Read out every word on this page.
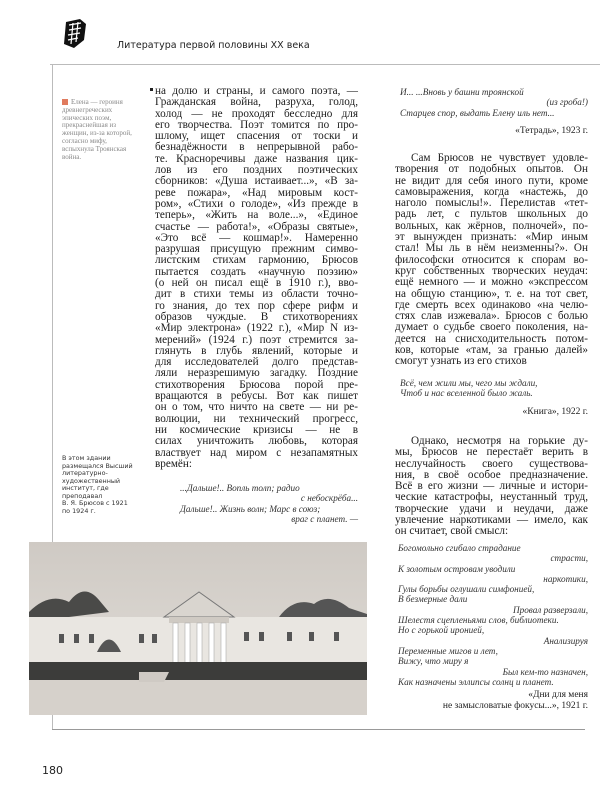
Литература первой половины XX века
Елена — героиня древнегреческих эпических поэм, прекраснейшая из женщин, из-за которой, согласно мифу, вспыхнула Троянская война.
на долю и страны, и самого поэта, —
Гражданская война, разруха, голод,
холод — не проходят бесследно для
его творчества. Поэт томится по про-
шлому, ищет спасения от тоски и
безнадёжности в непрерывной рабо-
те. Красноречивы даже названия цик-
лов из его поздних поэтических
сборников: «Душа истаивает...», «В за-
реве пожара», «Над мировым кост-
ром», «Стихи о голоде», «Из прежде в
теперь», «Жить на воле...», «Единое
счастье — работа!», «Образы святые»,
«Это всё — кошмар!». Намеренно
разрушая присущую прежним симво-
листским стихам гармонию, Брюсов
пытается создать «научную поэзию»
(о ней он писал ещё в 1910 г.), вво-
дит в стихи темы из области точно-
го знания, до тех пор сфере рифм и
образов чуждые. В стихотворениях
«Мир электрона» (1922 г.), «Мир N из-
мерений» (1924 г.) поэт стремится за-
глянуть в глубь явлений, которые и
для исследователей долго представ-
ляли неразрешимую загадку. Поздние
стихотворения Брюсова порой пре-
вращаются в ребусы. Вот как пишет
он о том, что ничто на свете — ни ре-
волюции, ни технический прогресс,
ни космические кризисы — не в
силах уничтожить любовь, которая
властвует над миром с незапамятных
времён:
...Дальше!.. Вопль толп; радио
с небоскрёба...
Дальше!.. Жизнь волн; Марс в союз;
враг с планет. —
В этом здании
размещался Высший
литературно-
художественный
институт, где
преподавал
В. Я. Брюсов с 1921
по 1924 г.
И... ...Вновь у башни троянской
(из гроба!)
Старцев спор, выдать Елену иль нет...
«Тетрадь», 1923 г.
Сам Брюсов не чувствует удовле-
творения от подобных опытов. Он
не видит для себя иного пути, кроме
самовыражения, когда «настежь, до
наголо помыслы!». Перелистав «тет-
радь лет, с пультов школьных до
вольных, как жёрнов, полночей», по-
эт вынужден признать: «Мир иным
стал! Мы ль в нём неизменны?». Он
философски относится к спорам во-
круг собственных творческих неудач:
ещё немного — и можно «экспрессом
на общую станцию», т. е. на тот свет,
где смерть всех одинаково «на челю-
стях слав изжевала». Брюсов с болью
думает о судьбе своего поколения, на-
деется на снисходительность потом-
ков, которые «там, за гранью далей»
смогут узнать из его стихов
Всё, чем жили мы, чего мы ждали,
Чтоб и нас вселенной было жаль.
«Книга», 1922 г.
Однако, несмотря на горькие ду-
мы, Брюсов не перестаёт верить в
неслучайность своего существова-
ния, в своё особое предназначение.
Всё в его жизни — личные и истори-
ческие катастрофы, неустанный труд,
творческие удачи и неудачи, даже
увлечение наркотиками — имело, как
он считает, свой смысл:
Богомольно сгибало страдание
страсти,
К золотым островам уводили
наркотики,
Гулы борьбы оглушали симфонией,
В безмерные дали
Провал разверзали,
Шелестя сцепленьями слов, библиотеки.
Но с горькой иронией,
Анализируя
Переменные мигов и лет,
Вижу, что миру я
Был кем-то назначен,
Как назначены эллипсы солнц и планет.
«Дни для меня
не замысловатые фокусы...», 1921 г.
180
